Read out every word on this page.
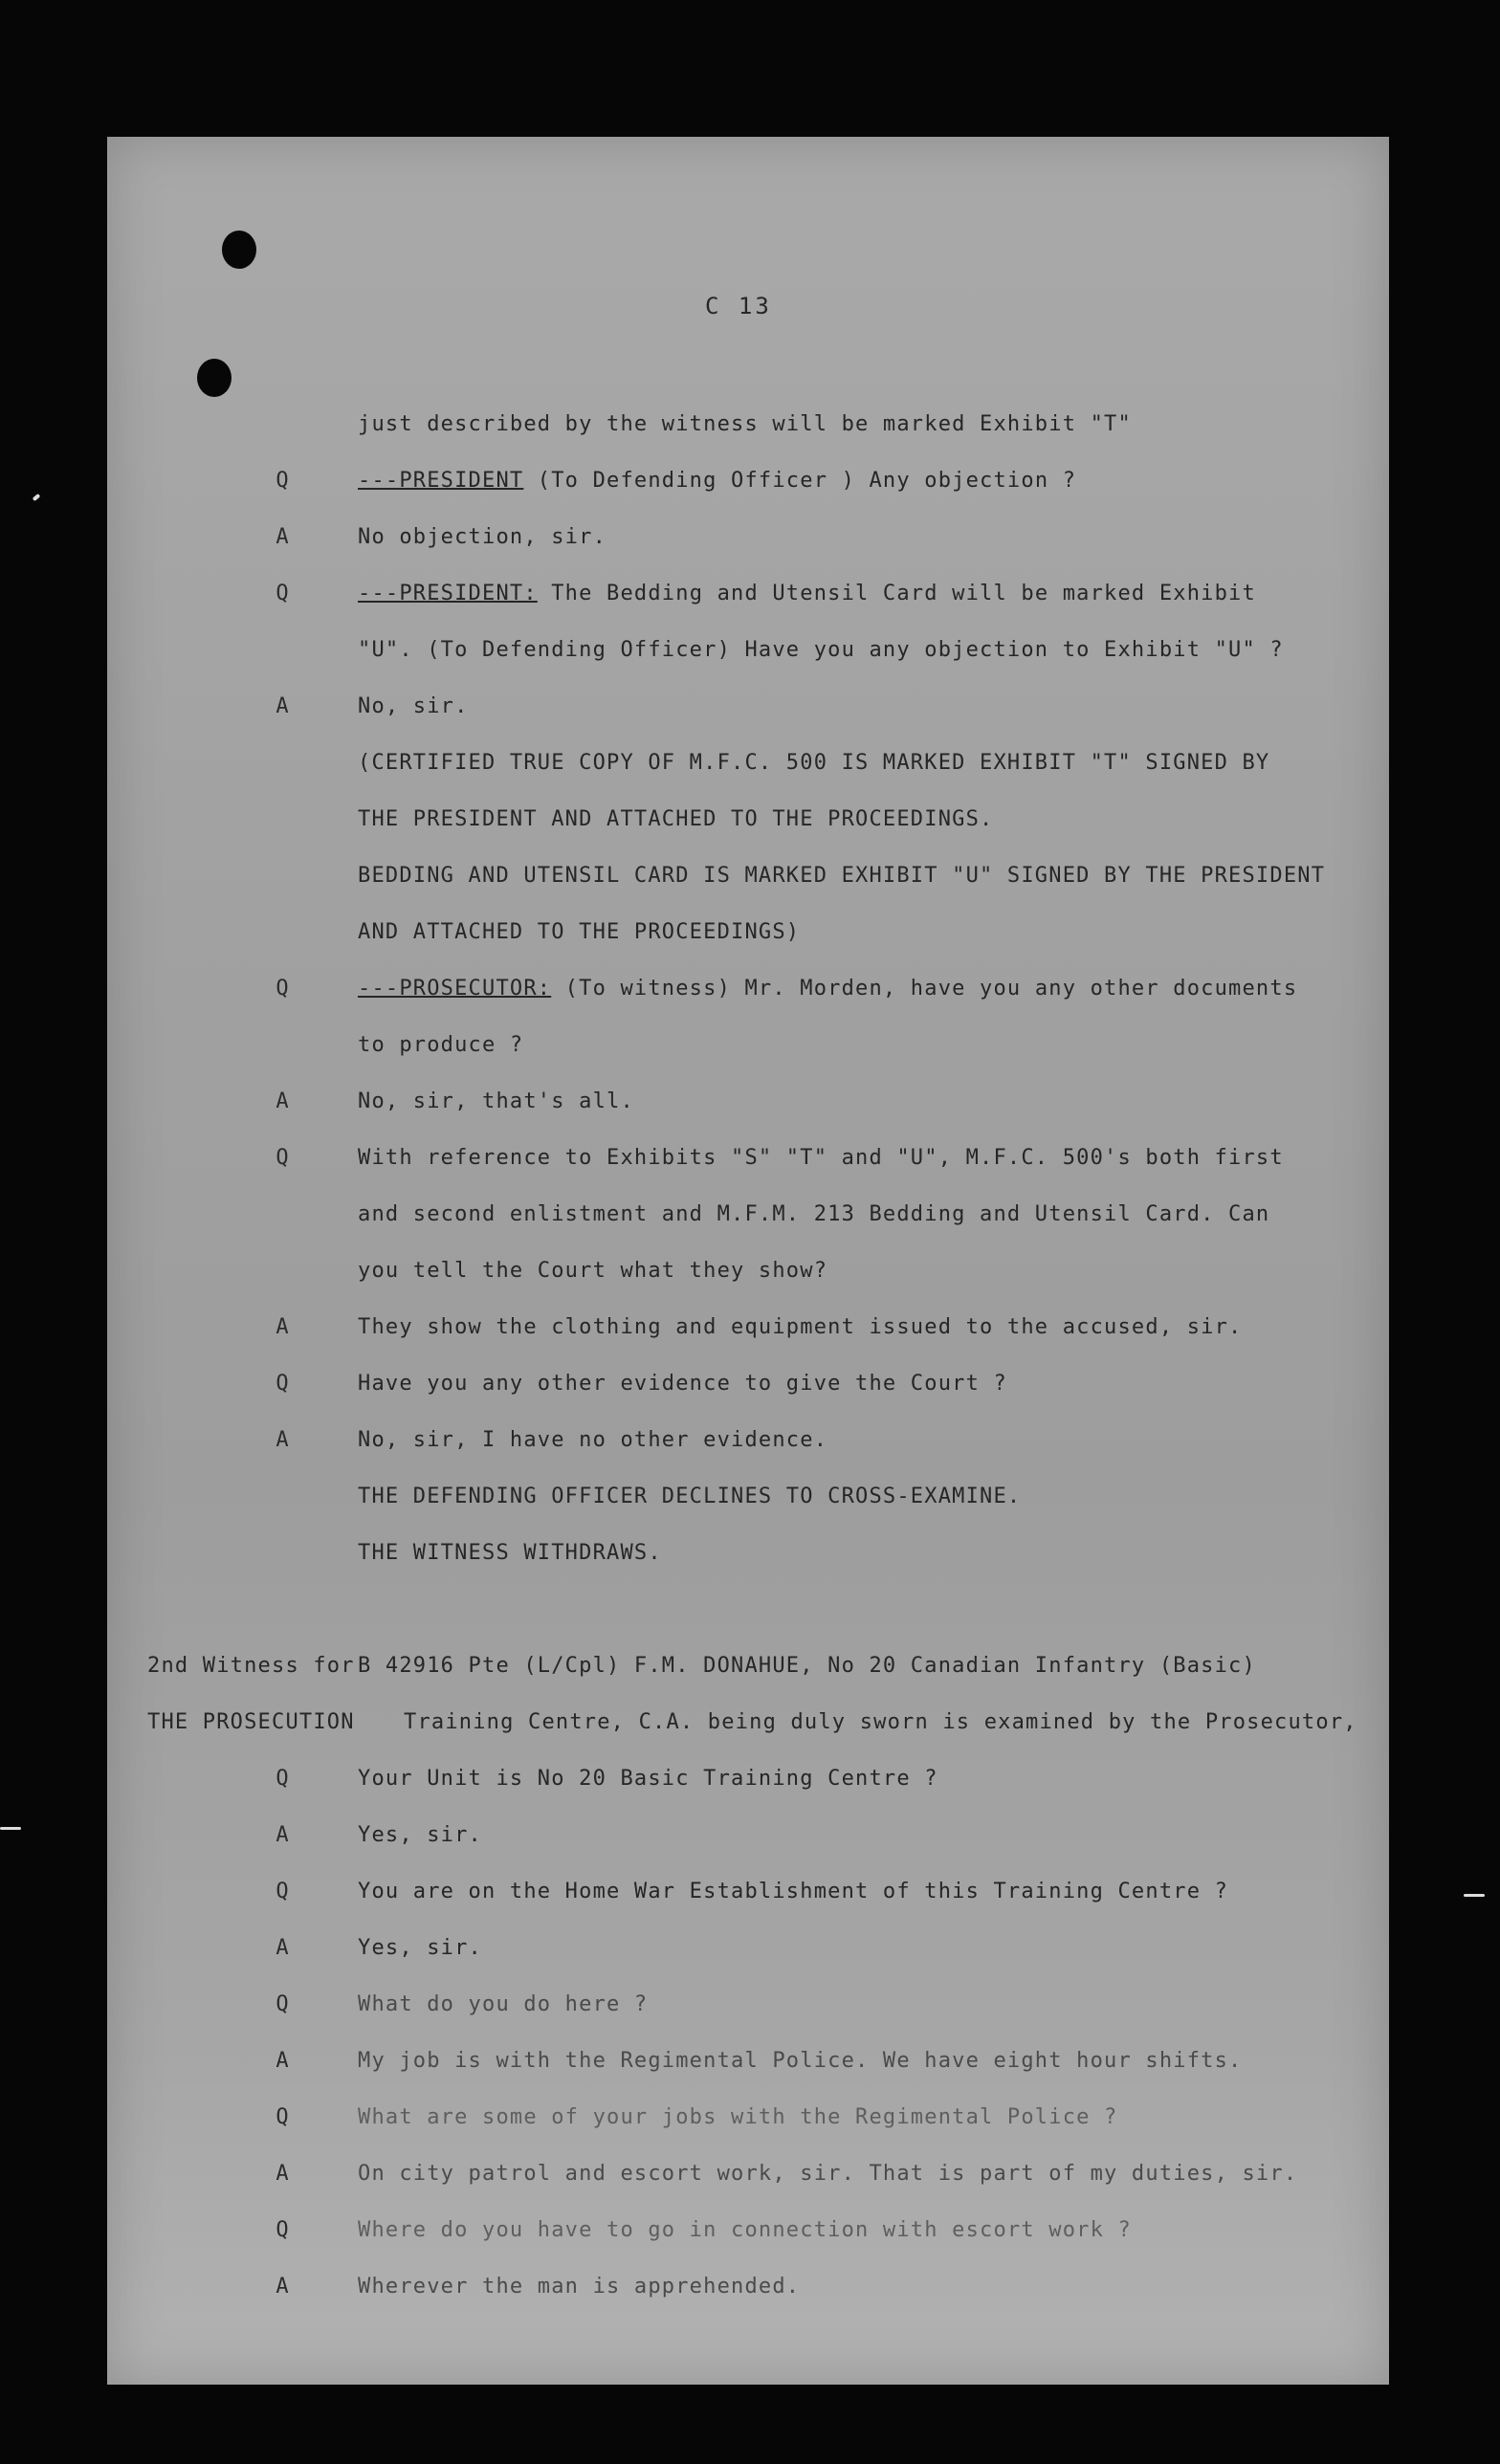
C 13
just described by the witness will be marked Exhibit "T"
Q	---PRESIDENT (To Defending Officer ) Any objection ?
A	No objection, sir.
Q	---PRESIDENT: The Bedding and Utensil Card will be marked Exhibit
"U". (To Defending Officer) Have you any objection to Exhibit "U" ?
A	No, sir.
(CERTIFIED TRUE COPY OF M.F.C. 500 IS MARKED EXHIBIT "T" SIGNED BY
THE PRESIDENT AND ATTACHED TO THE PROCEEDINGS.
BEDDING AND UTENSIL CARD IS MARKED EXHIBIT "U" SIGNED BY THE PRESIDENT
AND ATTACHED TO THE PROCEEDINGS)
Q	---PROSECUTOR: (To witness) Mr. Morden, have you any other documents
to produce ?
A	No, sir, that's all.
Q	With reference to Exhibits "S" "T" and "U", M.F.C. 500's both first
and second enlistment and M.F.M. 213 Bedding and Utensil Card. Can
you tell the Court what they show?
A	They show the clothing and equipment issued to the accused, sir.
Q	Have you any other evidence to give the Court ?
A	No, sir, I have no other evidence.
THE DEFENDING OFFICER DECLINES TO CROSS-EXAMINE.
THE WITNESS WITHDRAWS.
2nd Witness for
THE PROSECUTION
B 42916 Pte (L/Cpl) F.M. DONAHUE, No 20 Canadian Infantry (Basic)
Training Centre, C.A. being duly sworn is examined by the Prosecutor,
Q	Your Unit is No 20 Basic Training Centre ?
A	Yes, sir.
Q	You are on the Home War Establishment of this Training Centre ?
A	Yes, sir.
Q	What do you do here ?
A	My job is with the Regimental Police. We have eight hour shifts.
Q	What are some of your jobs with the Regimental Police ?
A	On city patrol and escort work, sir. That is part of my duties, sir.
Q	Where do you have to go in connection with escort work ?
A	Wherever the man is apprehended.
